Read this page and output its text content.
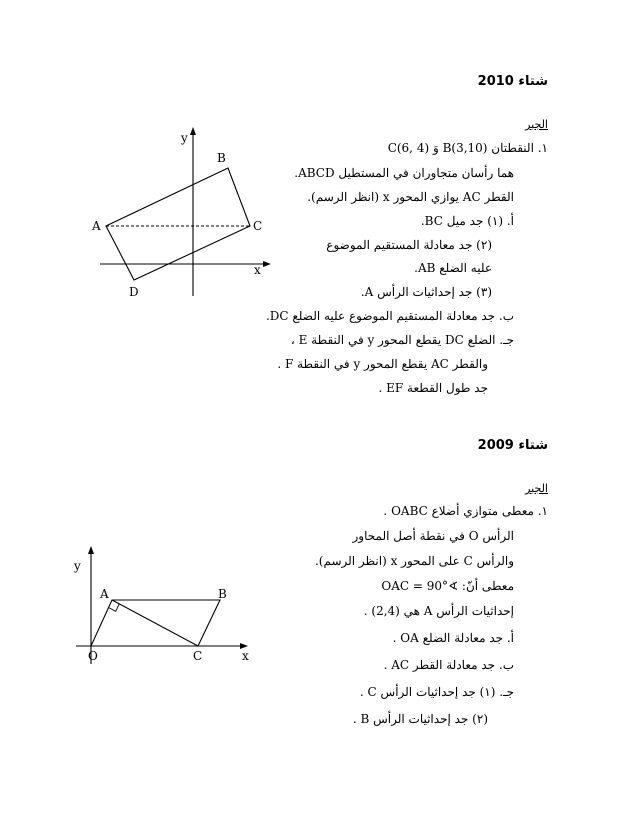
شتاء 2010
الجبر
١. النقطتان B(3,10) وَ C(6, 4)
هما رأسان متجاوران في المستطيل ABCD.
القطر AC يوازي المحور x (انظر الرسم).
أ. (١) جد ميل BC.
(٢) جد معادلة المستقيم الموضوع
عليه الضلع AB.
(٣) جد إحداثيات الرأس A.
ب. جد معادلة المستقيم الموضوع عليه الضلع DC.
جـ. الضلع DC يقطع المحور y في النقطة E ،
والقطر AC يقطع المحور y في النقطة F .
جد طول القطعة EF .
y
x
A
B
C
D
شتاء 2009
الجبر
١. معطى متوازي أضلاع OABC .
الرأس O في نقطة أصل المحاور
والرأس C على المحور x (انظر الرسم).
معطى أنّ: ∢OAC = 90°
إحداثيات الرأس A هي (2,4) .
أ. جد معادلة الضلع OA .
ب. جد معادلة القطر AC .
جـ. (١) جد إحداثيات الرأس C .
(٢) جد إحداثيات الرأس B .
y
x
O
A	B
C
